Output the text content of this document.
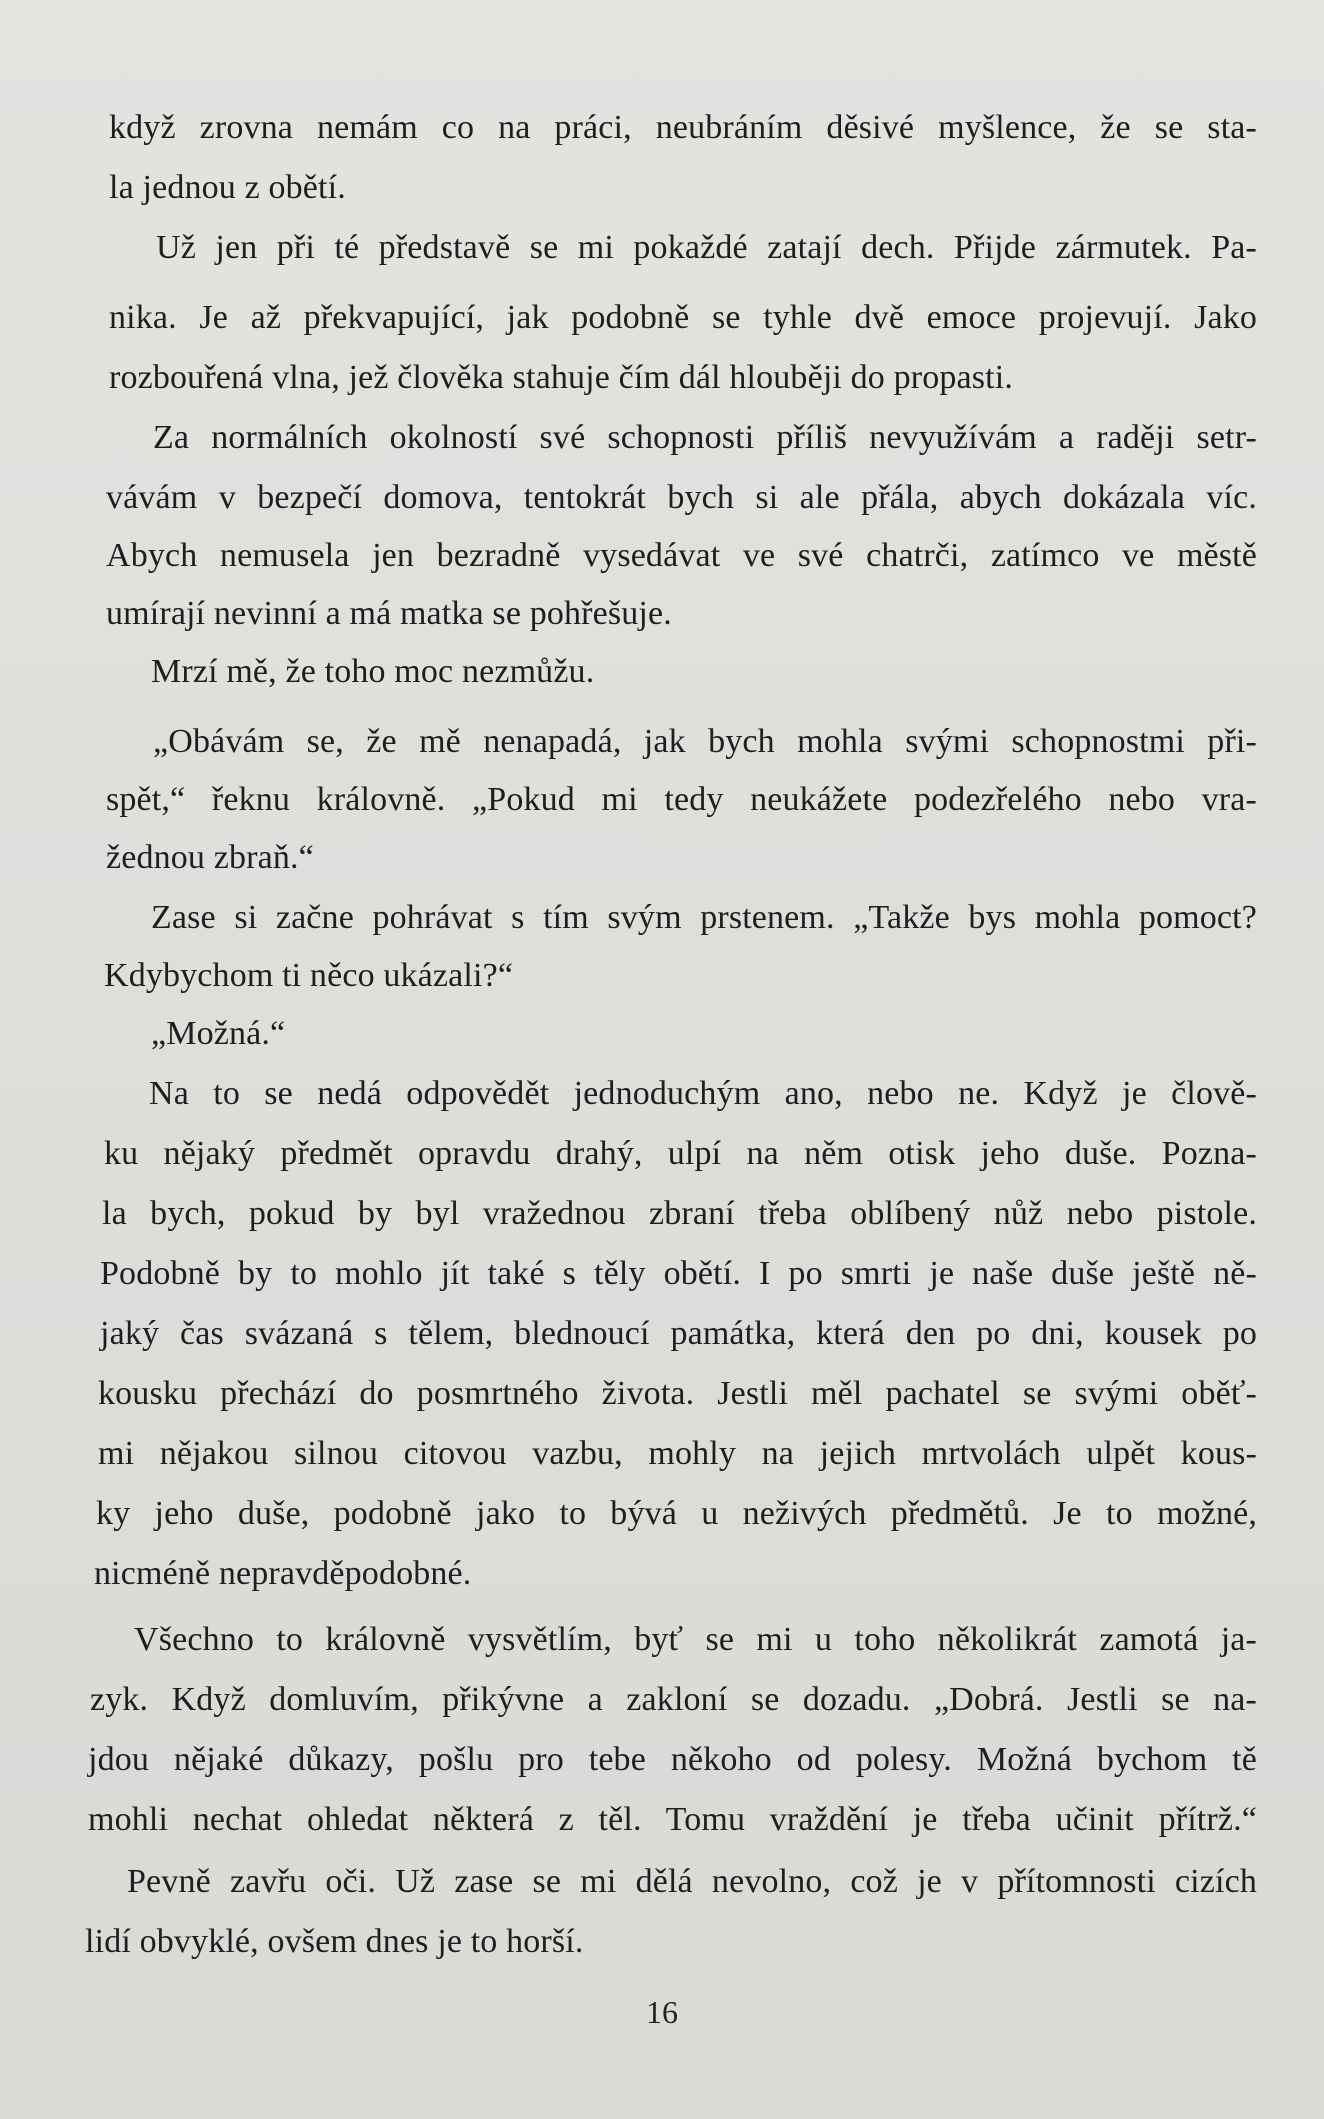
když zrovna nemám co na práci, neubráním děsivé myšlence, že se sta-

la jednou z obětí.

Už jen při té představě se mi pokaždé zatají dech. Přijde zármutek. Pa-

nika. Je až překvapující, jak podobně se tyhle dvě emoce projevují. Jako

rozbouřená vlna, jež člověka stahuje čím dál hlouběji do propasti.

Za normálních okolností své schopnosti příliš nevyužívám a raději setr-

vávám v bezpečí domova, tentokrát bych si ale přála, abych dokázala víc.

Abych nemusela jen bezradně vysedávat ve své chatrči, zatímco ve městě

umírají nevinní a má matka se pohřešuje.

Mrzí mě, že toho moc nezmůžu.

„Obávám se, že mě nenapadá, jak bych mohla svými schopnostmi při-

spět,“ řeknu královně. „Pokud mi tedy neukážete podezřelého nebo vra-

žednou zbraň.“

Zase si začne pohrávat s tím svým prstenem. „Takže bys mohla pomoct?

Kdybychom ti něco ukázali?“

„Možná.“

Na to se nedá odpovědět jednoduchým ano, nebo ne. Když je člově-

ku nějaký předmět opravdu drahý, ulpí na něm otisk jeho duše. Pozna-

la bych, pokud by byl vražednou zbraní třeba oblíbený nůž nebo pistole.

Podobně by to mohlo jít také s těly obětí. I po smrti je naše duše ještě ně-

jaký čas svázaná s tělem, blednoucí památka, která den po dni, kousek po

kousku přechází do posmrtného života. Jestli měl pachatel se svými oběť-

mi nějakou silnou citovou vazbu, mohly na jejich mrtvolách ulpět kous-

ky jeho duše, podobně jako to bývá u neživých předmětů. Je to možné,

nicméně nepravděpodobné.

Všechno to královně vysvětlím, byť se mi u toho několikrát zamotá ja-

zyk. Když domluvím, přikývne a zakloní se dozadu. „Dobrá. Jestli se na-

jdou nějaké důkazy, pošlu pro tebe někoho od polesy. Možná bychom tě

mohli nechat ohledat některá z těl. Tomu vraždění je třeba učinit přítrž.“

Pevně zavřu oči. Už zase se mi dělá nevolno, což je v přítomnosti cizích

lidí obvyklé, ovšem dnes je to horší.

16
